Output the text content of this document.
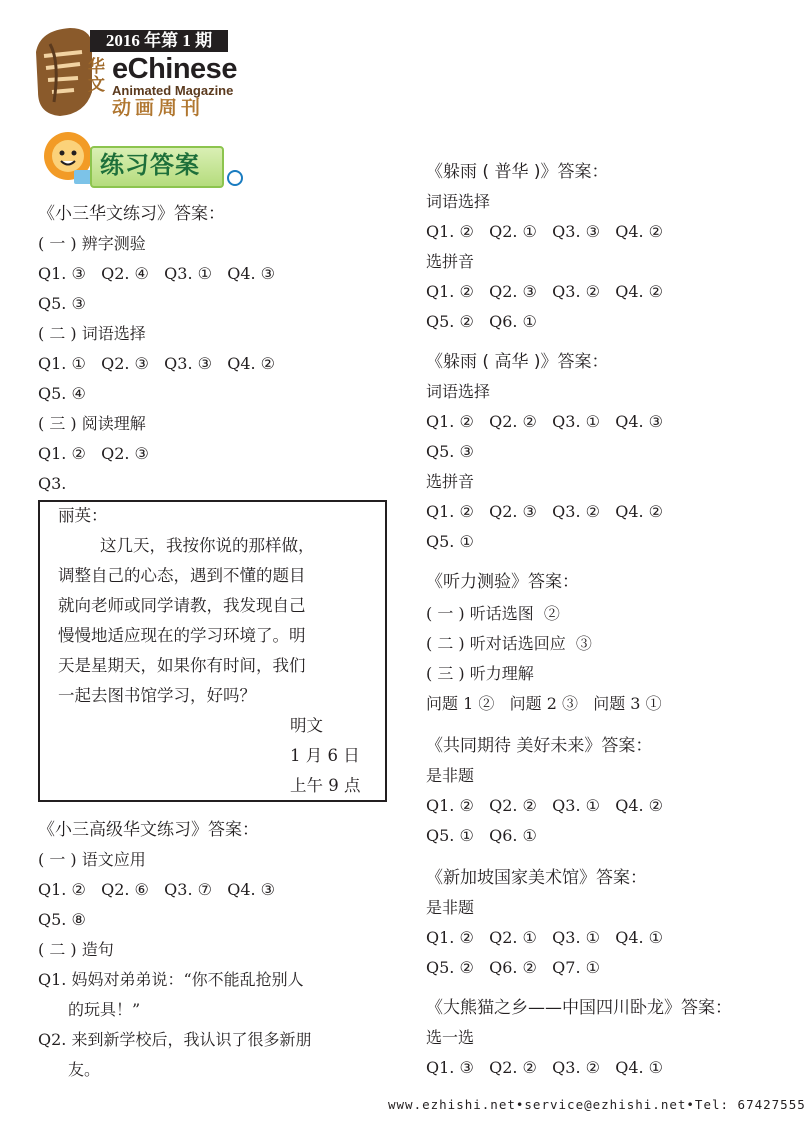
2016 年第 1 期
华文 eChinese
Animated Magazine
动画周刊
练习答案
《小三华文练习》答案：
( 一 ) 辨字测验
Q1. ③   Q2. ④   Q3. ①   Q4. ③
Q5. ③
( 二 ) 词语选择
Q1. ①   Q2. ③   Q3. ③   Q4. ②
Q5. ④
( 三 ) 阅读理解
Q1. ②   Q2. ③
Q3.
丽英：
这几天，我按你说的那样做，
调整自己的心态，遇到不懂的题目
就向老师或同学请教，我发现自己
慢慢地适应现在的学习环境了。明
天是星期天，如果你有时间，我们
一起去图书馆学习，好吗？
明文
1 月 6 日
上午 9 点
《小三高级华文练习》答案：
( 一 ) 语文应用
Q1. ②   Q2. ⑥   Q3. ⑦   Q4. ③
Q5. ⑧
( 二 ) 造句
Q1. 妈妈对弟弟说：“你不能乱抢别人
的玩具！”
Q2. 来到新学校后，我认识了很多新朋
友。
《躲雨 ( 普华 )》答案：
词语选择
Q1. ②   Q2. ①   Q3. ③   Q4. ②
选拼音
Q1. ②   Q2. ③   Q3. ②   Q4. ②
Q5. ②   Q6. ①
《躲雨 ( 高华 )》答案：
词语选择
Q1. ②   Q2. ②   Q3. ①   Q4. ③
Q5. ③
选拼音
Q1. ②   Q2. ③   Q3. ②   Q4. ②
Q5. ①
《听力测验》答案：
( 一 ) 听话选图  ②
( 二 ) 听对话选回应  ③
( 三 ) 听力理解
问题 1 ②   问题 2 ③   问题 3 ①
《共同期待 美好未来》答案：
是非题
Q1. ②   Q2. ②   Q3. ①   Q4. ②
Q5. ①   Q6. ①
《新加坡国家美术馆》答案：
是非题
Q1. ②   Q2. ①   Q3. ①   Q4. ①
Q5. ②   Q6. ②   Q7. ①
《大熊猫之乡——中国四川卧龙》答案：
选一选
Q1. ③   Q2. ②   Q3. ②   Q4. ①
www.ezhishi.net•service@ezhishi.net•Tel: 67427555
